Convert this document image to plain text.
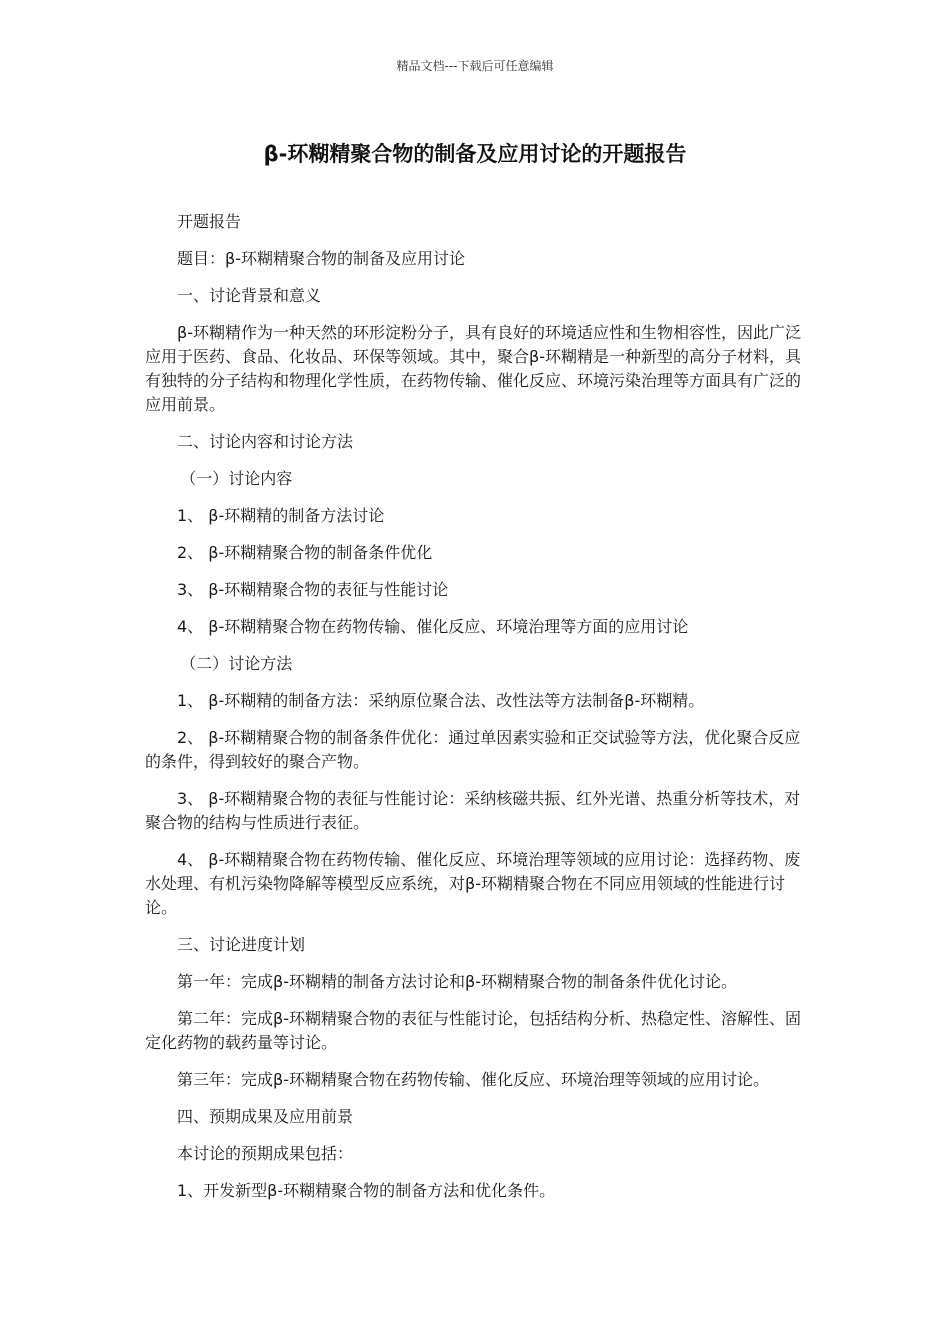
精品文档---下载后可任意编辑
β-环糊精聚合物的制备及应用讨论的开题报告

开题报告

题目：β-环糊精聚合物的制备及应用讨论

一、讨论背景和意义

β-环糊精作为一种天然的环形淀粉分子，具有良好的环境适应性和生物相容性，因此广泛应用于医药、食品、化妆品、环保等领域。其中，聚合β-环糊精是一种新型的高分子材料，具有独特的分子结构和物理化学性质，在药物传输、催化反应、环境污染治理等方面具有广泛的应用前景。

二、讨论内容和讨论方法

（一）讨论内容

1、 β-环糊精的制备方法讨论

2、 β-环糊精聚合物的制备条件优化

3、 β-环糊精聚合物的表征与性能讨论

4、 β-环糊精聚合物在药物传输、催化反应、环境治理等方面的应用讨论

（二）讨论方法

1、 β-环糊精的制备方法：采纳原位聚合法、改性法等方法制备β-环糊精。

2、 β-环糊精聚合物的制备条件优化：通过单因素实验和正交试验等方法，优化聚合反应的条件，得到较好的聚合产物。

3、 β-环糊精聚合物的表征与性能讨论：采纳核磁共振、红外光谱、热重分析等技术，对聚合物的结构与性质进行表征。

4、 β-环糊精聚合物在药物传输、催化反应、环境治理等领域的应用讨论：选择药物、废水处理、有机污染物降解等模型反应系统，对β-环糊精聚合物在不同应用领域的性能进行讨论。

三、讨论进度计划

第一年：完成β-环糊精的制备方法讨论和β-环糊精聚合物的制备条件优化讨论。

第二年：完成β-环糊精聚合物的表征与性能讨论，包括结构分析、热稳定性、溶解性、固定化药物的载药量等讨论。

第三年：完成β-环糊精聚合物在药物传输、催化反应、环境治理等领域的应用讨论。

四、预期成果及应用前景

本讨论的预期成果包括：

1、开发新型β-环糊精聚合物的制备方法和优化条件。
